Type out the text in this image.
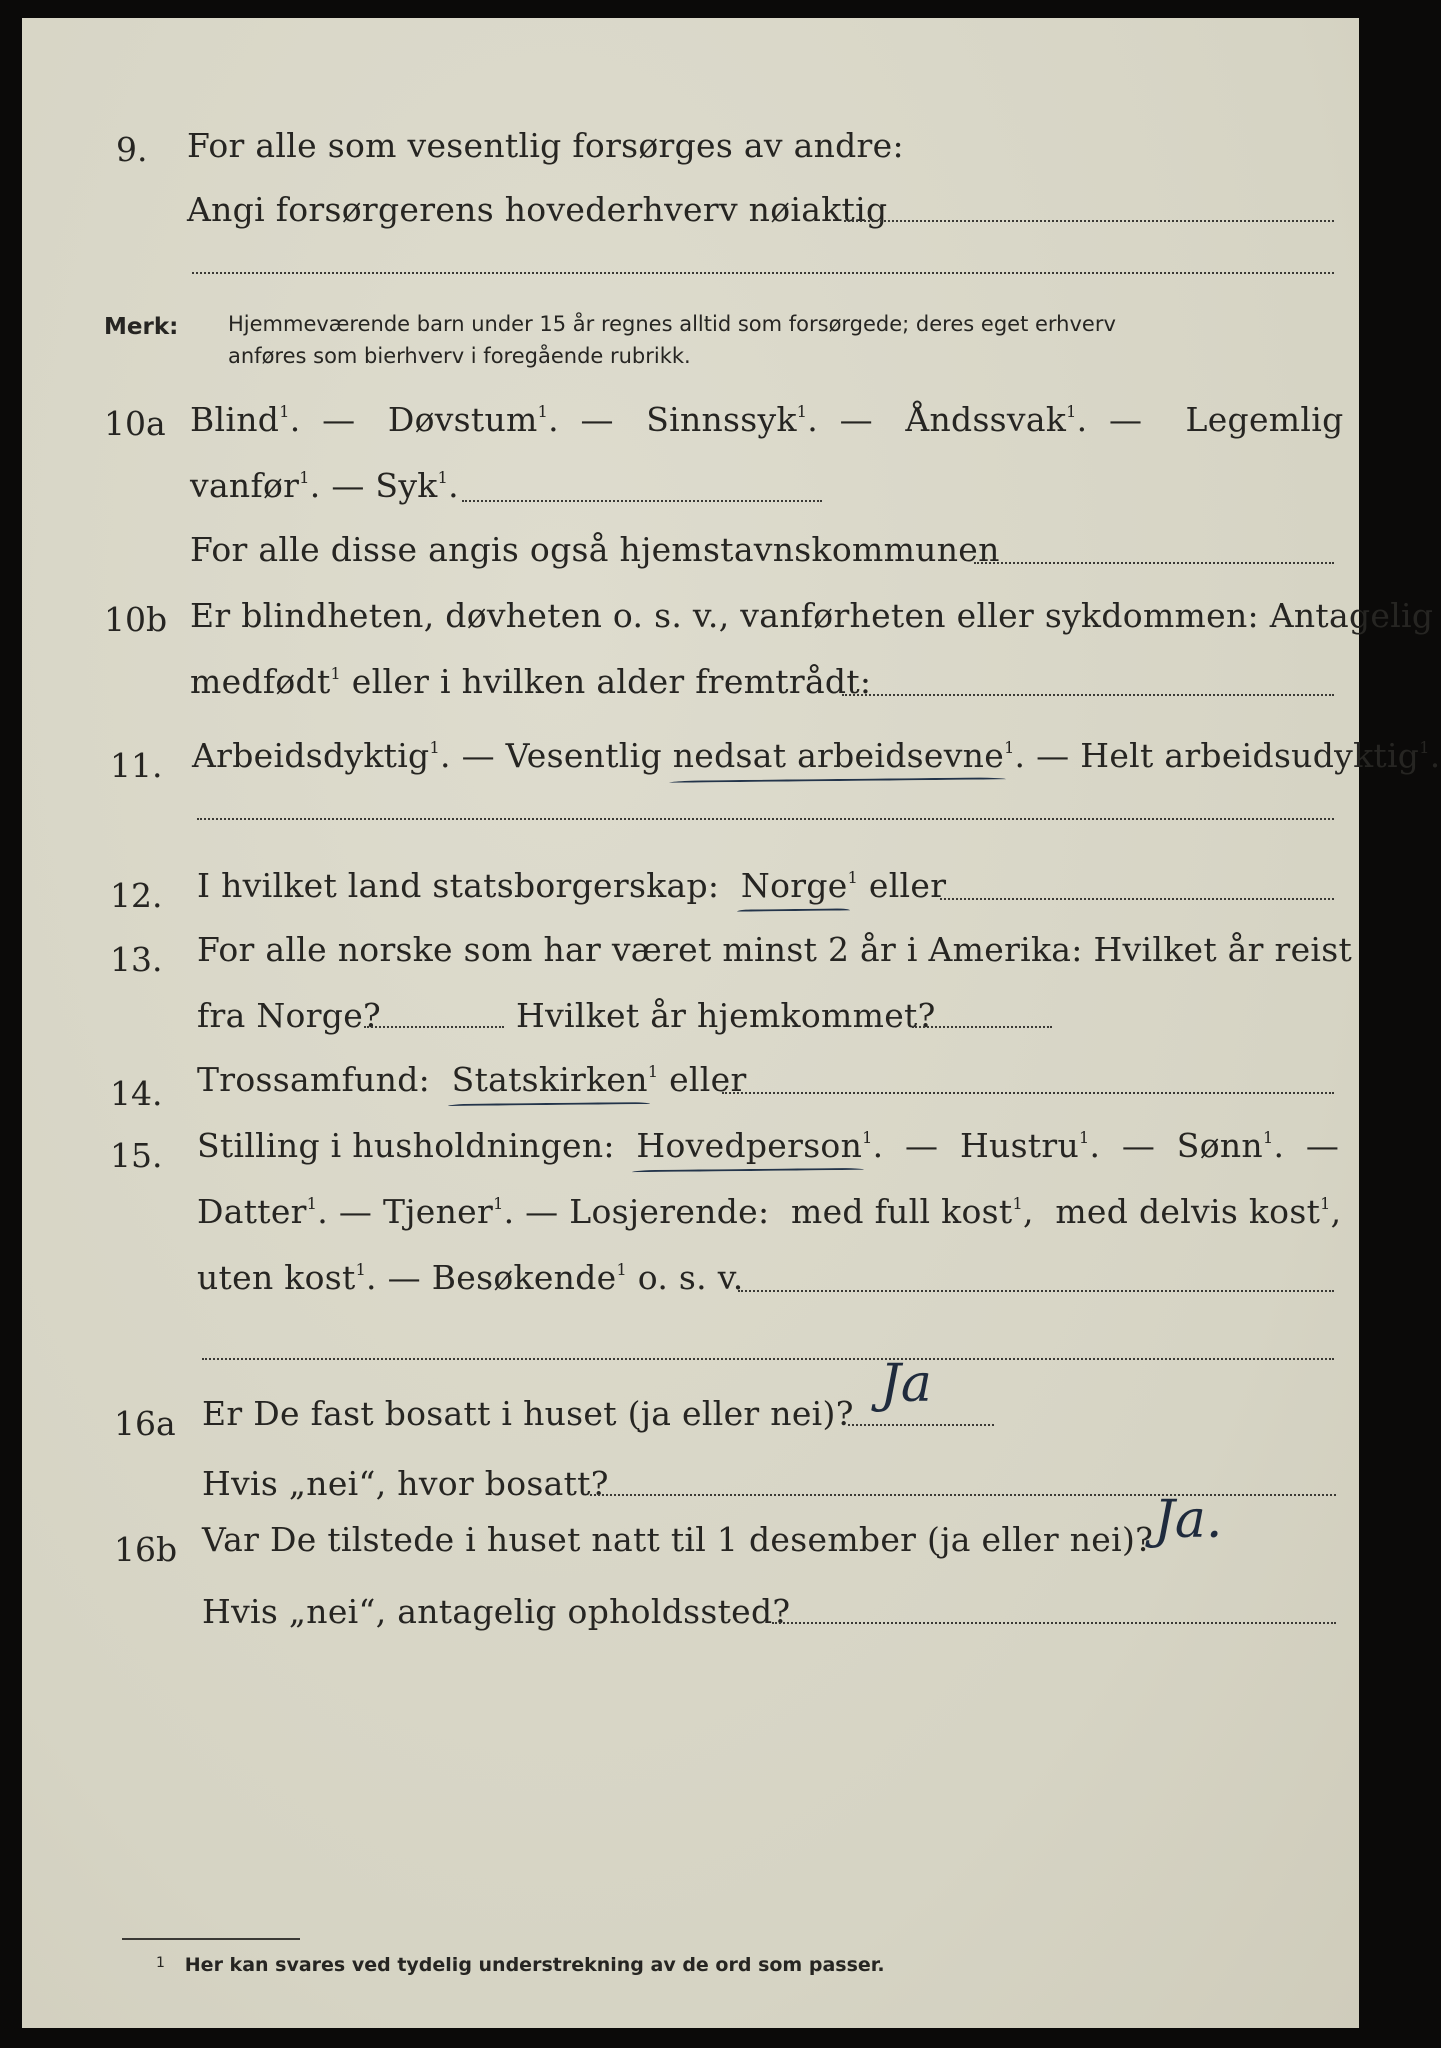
9. For alle som vesentlig forsørges av andre:
Angi forsørgerens hovederhverv nøiaktig
Merk: Hjemmeværende barn under 15 år regnes alltid som forsørgede; deres eget erhverv
anføres som bierhverv i foregående rubrikk.
10a Blind$^1$. — Døvstum$^1$. — Sinnssyk$^1$. — Åndssvak$^1$. — Legemlig
vanfør$^1$. — Syk$^1$.
For alle disse angis også hjemstavnskommunen
10b Er blindheten, døvheten o. s. v., vanførheten eller sykdommen: Antagelig
medfødt$^1$ eller i hvilken alder fremtrådt:
11. Arbeidsdyktig$^1$. — Vesentlig nedsat arbeidsevne$^1$. — Helt arbeidsudyktig$^1$.
12. I hvilket land statsborgerskap: Norge$^1$ eller
13. For alle norske som har været minst 2 år i Amerika: Hvilket år reist
fra Norge?	Hvilket år hjemkommet?
14. Trossamfund: Statskirken$^1$ eller
15. Stilling i husholdningen: Hovedperson$^1$. — Hustru$^1$. — Sønn$^1$. —
Datter$^1$. — Tjener$^1$. — Losjerende: med full kost$^1$,  med delvis kost$^1$,
uten kost$^1$. — Besøkende$^1$ o. s. v.
16a Er De fast bosatt i huset (ja eller nei)? Ja
Hvis „nei“, hvor bosatt?
16b Var De tilstede i huset natt til 1 desember (ja eller nei)? Ja.
Hvis „nei“, antagelig opholdssted?
$^1$ Her kan svares ved tydelig understrekning av de ord som passer.
